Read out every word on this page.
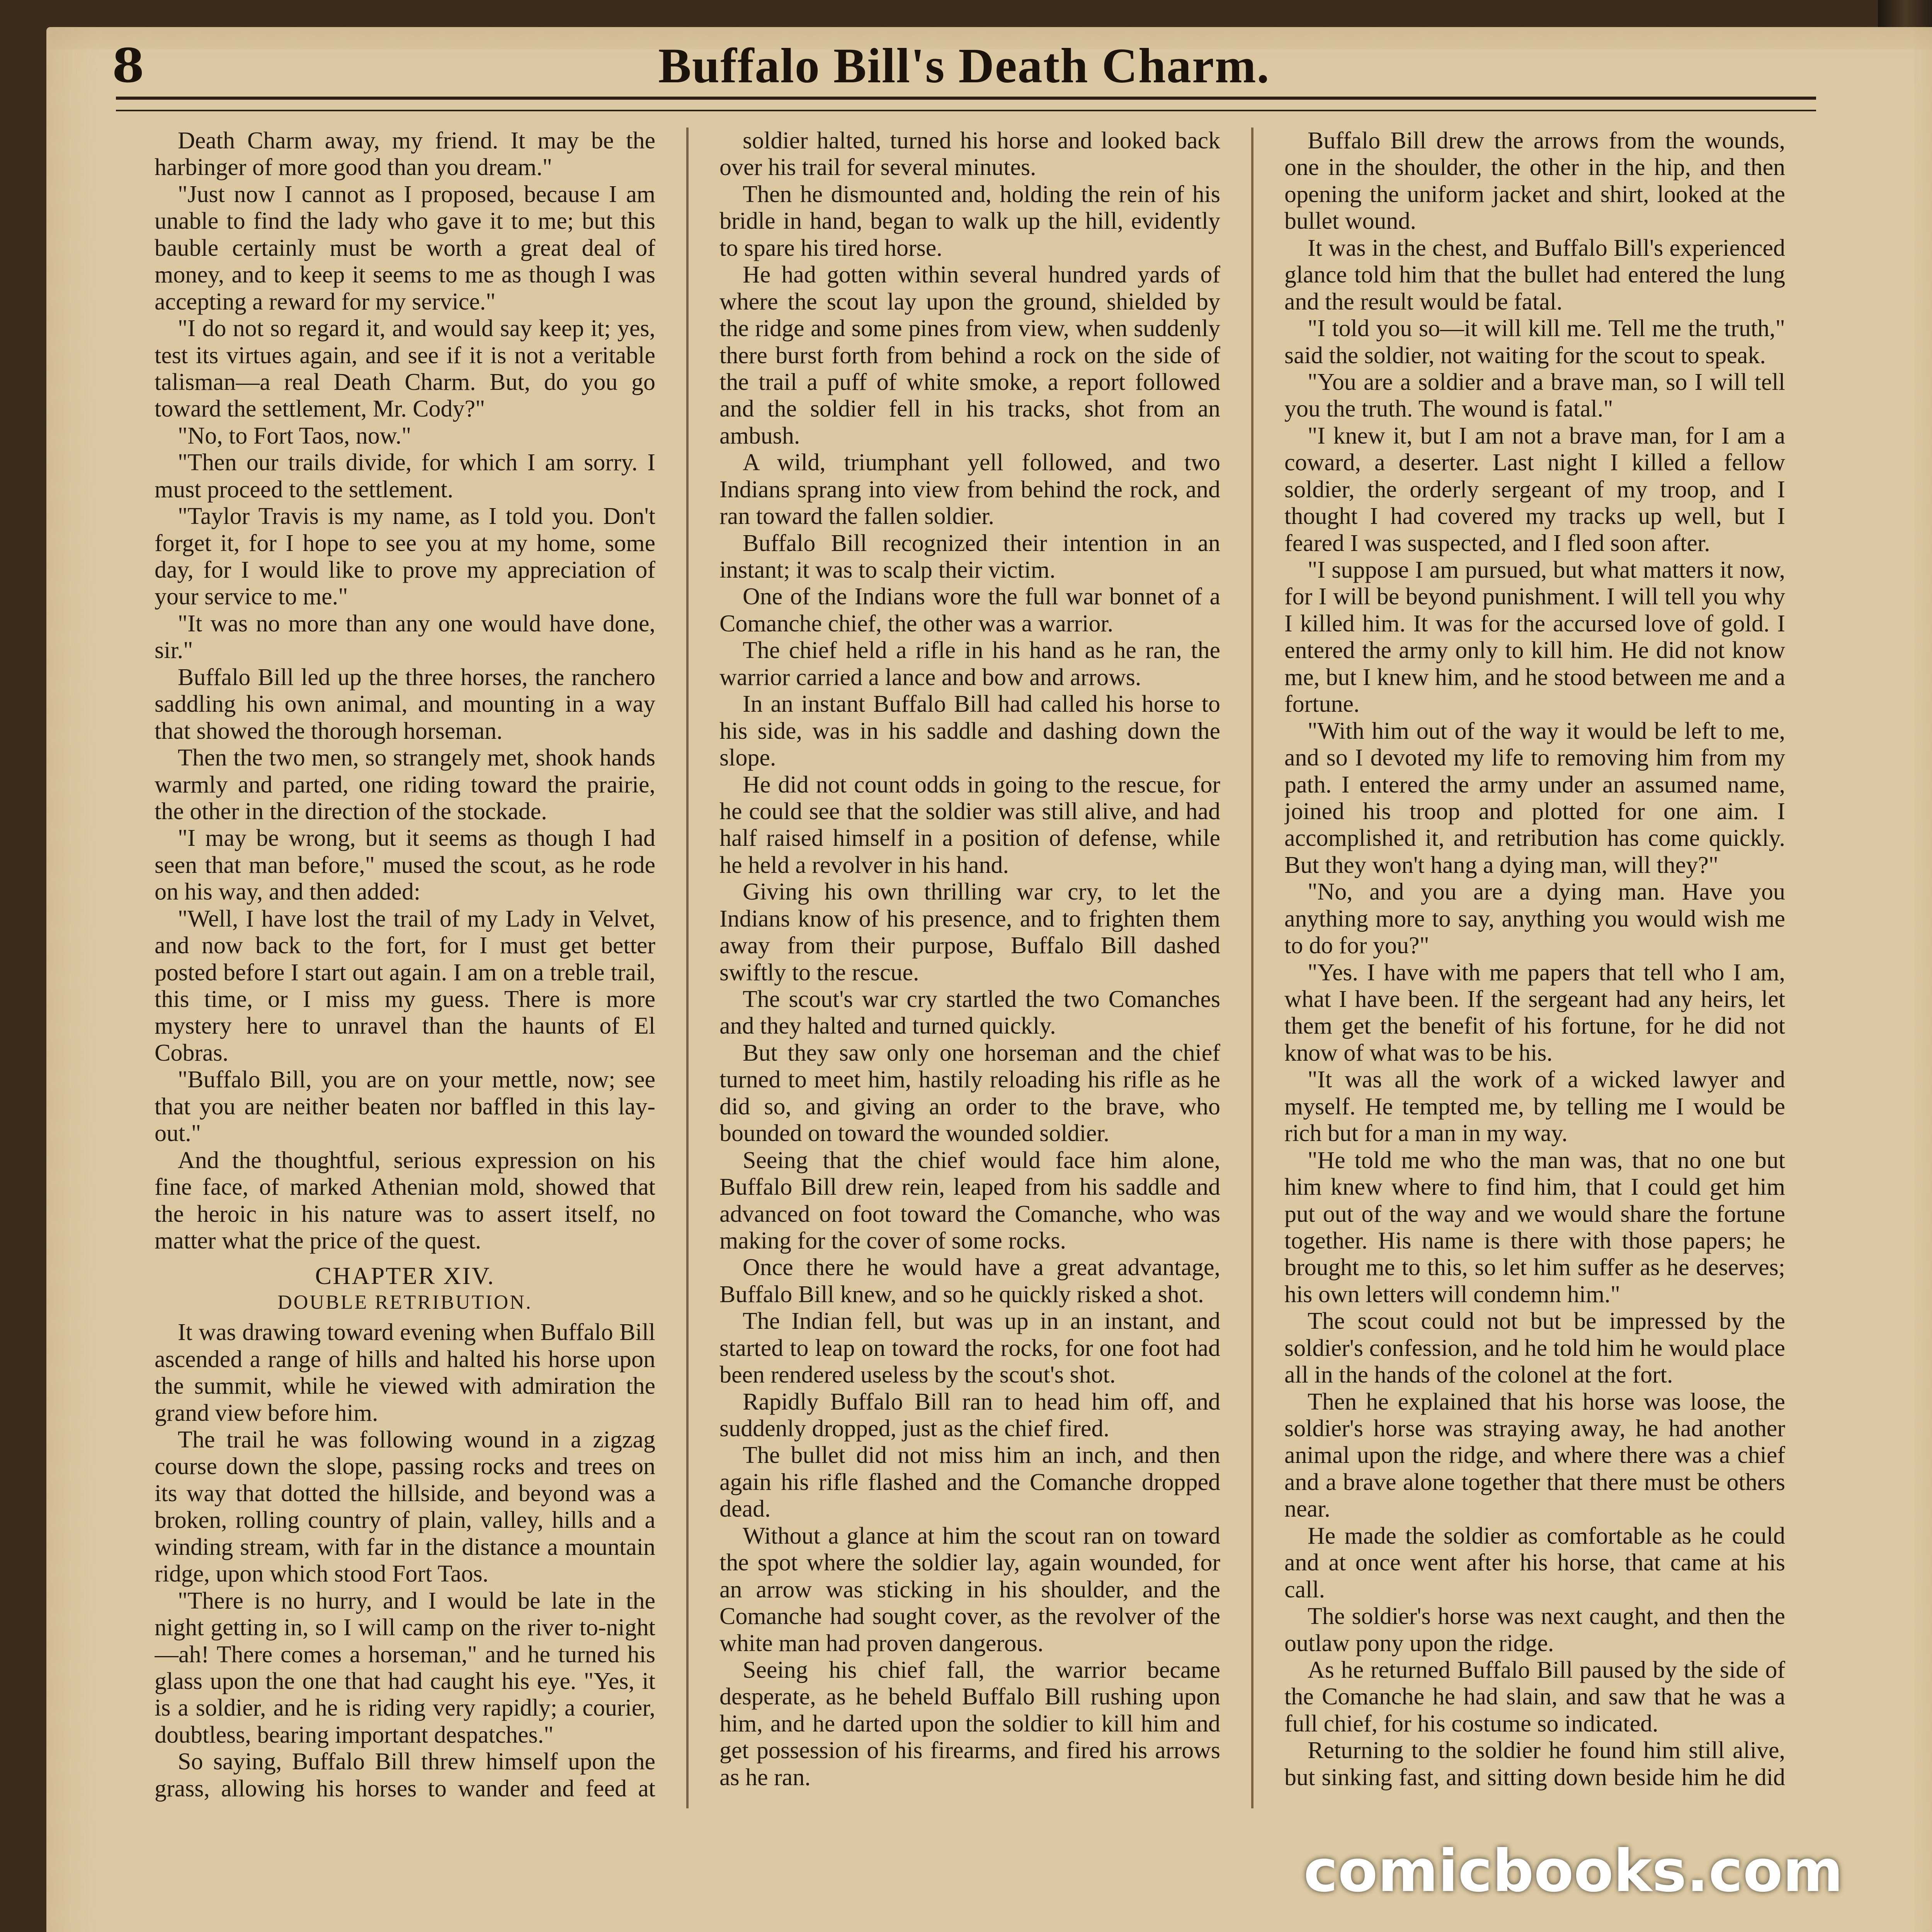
8	Buffalo Bill's Death Charm.

Death Charm away, my friend. It may be the harbinger of more good than you dream."

"Just now I cannot as I proposed, because I am unable to find the lady who gave it to me; but this bauble certainly must be worth a great deal of money, and to keep it seems to me as though I was accepting a reward for my service."

"I do not so regard it, and would say keep it; yes, test its virtues again, and see if it is not a veritable talisman—a real Death Charm. But, do you go toward the settlement, Mr. Cody?"

"No, to Fort Taos, now."

"Then our trails divide, for which I am sorry. I must proceed to the settlement.

"Taylor Travis is my name, as I told you. Don't forget it, for I hope to see you at my home, some day, for I would like to prove my appreciation of your service to me."

"It was no more than any one would have done, sir."

Buffalo Bill led up the three horses, the ranchero saddling his own animal, and mounting in a way that showed the thorough horseman.

Then the two men, so strangely met, shook hands warmly and parted, one riding toward the prairie, the other in the direction of the stockade.

"I may be wrong, but it seems as though I had seen that man before," mused the scout, as he rode on his way, and then added:

"Well, I have lost the trail of my Lady in Velvet, and now back to the fort, for I must get better posted before I start out again. I am on a treble trail, this time, or I miss my guess. There is more mystery here to unravel than the haunts of El Cobras.

"Buffalo Bill, you are on your mettle, now; see that you are neither beaten nor baffled in this lay-out."

And the thoughtful, serious expression on his fine face, of marked Athenian mold, showed that the heroic in his nature was to assert itself, no matter what the price of the quest.

CHAPTER XIV.
DOUBLE RETRIBUTION.

It was drawing toward evening when Buffalo Bill ascended a range of hills and halted his horse upon the summit, while he viewed with admiration the grand view before him.

The trail he was following wound in a zigzag course down the slope, passing rocks and trees on its way that dotted the hillside, and beyond was a broken, rolling country of plain, valley, hills and a winding stream, with far in the distance a mountain ridge, upon which stood Fort Taos.

"There is no hurry, and I would be late in the night getting in, so I will camp on the river to-night—ah! There comes a horseman," and he turned his glass upon the one that had caught his eye. "Yes, it is a soldier, and he is riding very rapidly; a courier, doubtless, bearing important despatches."

So saying, Buffalo Bill threw himself upon the grass, allowing his horses to wander and feed at

soldier halted, turned his horse and looked back over his trail for several minutes.

Then he dismounted and, holding the rein of his bridle in hand, began to walk up the hill, evidently to spare his tired horse.

He had gotten within several hundred yards of where the scout lay upon the ground, shielded by the ridge and some pines from view, when suddenly there burst forth from behind a rock on the side of the trail a puff of white smoke, a report followed and the soldier fell in his tracks, shot from an ambush.

A wild, triumphant yell followed, and two Indians sprang into view from behind the rock, and ran toward the fallen soldier.

Buffalo Bill recognized their intention in an instant; it was to scalp their victim.

One of the Indians wore the full war bonnet of a Comanche chief, the other was a warrior.

The chief held a rifle in his hand as he ran, the warrior carried a lance and bow and arrows.

In an instant Buffalo Bill had called his horse to his side, was in his saddle and dashing down the slope.

He did not count odds in going to the rescue, for he could see that the soldier was still alive, and had half raised himself in a position of defense, while he held a revolver in his hand.

Giving his own thrilling war cry, to let the Indians know of his presence, and to frighten them away from their purpose, Buffalo Bill dashed swiftly to the rescue.

The scout's war cry startled the two Comanches and they halted and turned quickly.

But they saw only one horseman and the chief turned to meet him, hastily reloading his rifle as he did so, and giving an order to the brave, who bounded on toward the wounded soldier.

Seeing that the chief would face him alone, Buffalo Bill drew rein, leaped from his saddle and advanced on foot toward the Comanche, who was making for the cover of some rocks.

Once there he would have a great advantage, Buffalo Bill knew, and so he quickly risked a shot.

The Indian fell, but was up in an instant, and started to leap on toward the rocks, for one foot had been rendered useless by the scout's shot.

Rapidly Buffalo Bill ran to head him off, and suddenly dropped, just as the chief fired.

The bullet did not miss him an inch, and then again his rifle flashed and the Comanche dropped dead.

Without a glance at him the scout ran on toward the spot where the soldier lay, again wounded, for an arrow was sticking in his shoulder, and the Comanche had sought cover, as the revolver of the white man had proven dangerous.

Seeing his chief fall, the warrior became desperate, as he beheld Buffalo Bill rushing upon him, and he darted upon the soldier to kill him and get possession of his firearms, and fired his arrows as he ran.

Buffalo Bill drew the arrows from the wounds, one in the shoulder, the other in the hip, and then opening the uniform jacket and shirt, looked at the bullet wound.

It was in the chest, and Buffalo Bill's experienced glance told him that the bullet had entered the lung and the result would be fatal.

"I told you so—it will kill me. Tell me the truth," said the soldier, not waiting for the scout to speak.

"You are a soldier and a brave man, so I will tell you the truth. The wound is fatal."

"I knew it, but I am not a brave man, for I am a coward, a deserter. Last night I killed a fellow soldier, the orderly sergeant of my troop, and I thought I had covered my tracks up well, but I feared I was suspected, and I fled soon after.

"I suppose I am pursued, but what matters it now, for I will be beyond punishment. I will tell you why I killed him. It was for the accursed love of gold. I entered the army only to kill him. He did not know me, but I knew him, and he stood between me and a fortune.

"With him out of the way it would be left to me, and so I devoted my life to removing him from my path. I entered the army under an assumed name, joined his troop and plotted for one aim. I accomplished it, and retribution has come quickly. But they won't hang a dying man, will they?"

"No, and you are a dying man. Have you anything more to say, anything you would wish me to do for you?"

"Yes. I have with me papers that tell who I am, what I have been. If the sergeant had any heirs, let them get the benefit of his fortune, for he did not know of what was to be his.

"It was all the work of a wicked lawyer and myself. He tempted me, by telling me I would be rich but for a man in my way.

"He told me who the man was, that no one but him knew where to find him, that I could get him put out of the way and we would share the fortune together. His name is there with those papers; he brought me to this, so let him suffer as he deserves; his own letters will condemn him."

The scout could not but be impressed by the soldier's confession, and he told him he would place all in the hands of the colonel at the fort.

Then he explained that his horse was loose, the soldier's horse was straying away, he had another animal upon the ridge, and where there was a chief and a brave alone together that there must be others near.

He made the soldier as comfortable as he could and at once went after his horse, that came at his call.

The soldier's horse was next caught, and then the outlaw pony upon the ridge.

As he returned Buffalo Bill paused by the side of the Comanche he had slain, and saw that he was a full chief, for his costume so indicated.

Returning to the soldier he found him still alive, but sinking fast, and sitting down beside him he did

comicbooks.com
